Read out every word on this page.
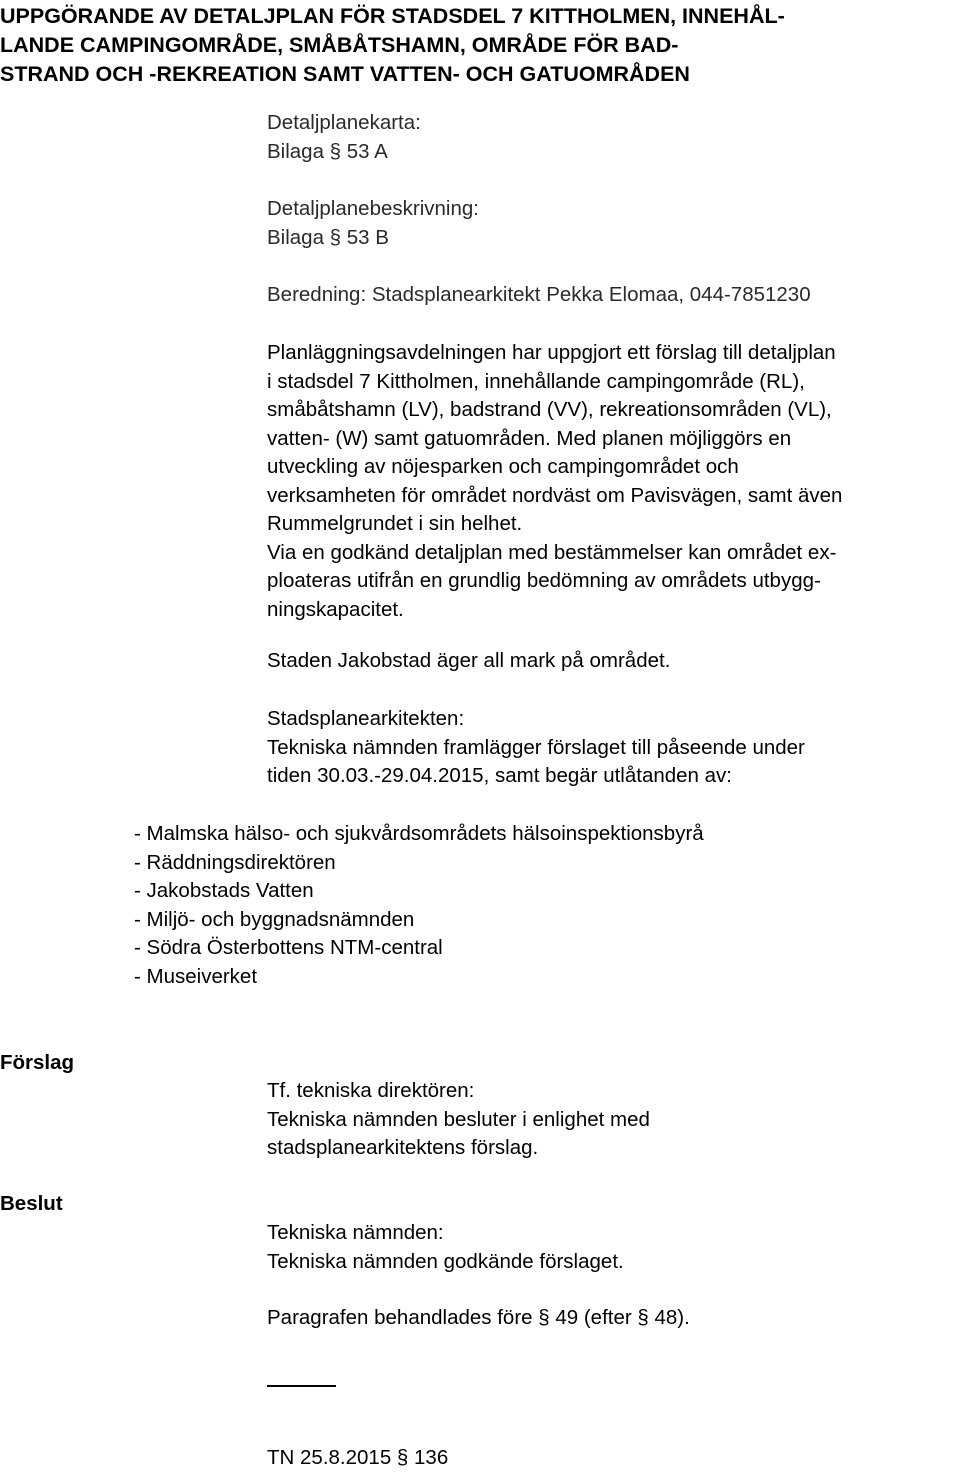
UPPGÖRANDE AV DETALJPLAN FÖR STADSDEL 7 KITTHOLMEN, INNEHÅL-
LANDE CAMPINGOMRÅDE, SMÅBÅTSHAMN, OMRÅDE FÖR BAD-
STRAND OCH -REKREATION SAMT VATTEN- OCH GATUOMRÅDEN
Detaljplanekarta:
Bilaga § 53 A
Detaljplanebeskrivning:
Bilaga § 53 B
Beredning: Stadsplanearkitekt Pekka Elomaa, 044-7851230
Planläggningsavdelningen har uppgjort ett förslag till detaljplan
i stadsdel 7 Kittholmen, innehållande campingområde (RL),
småbåtshamn (LV), badstrand (VV), rekreationsområden (VL),
vatten- (W) samt gatuområden. Med planen möjliggörs en
utveckling av nöjesparken och campingområdet och
verksamheten för området nordväst om Pavisvägen, samt även
Rummelgrundet i sin helhet.
Via en godkänd detaljplan med bestämmelser kan området ex-
ploateras utifrån en grundlig bedömning av områdets utbygg-
ningskapacitet.
Staden Jakobstad äger all mark på området.
Stadsplanearkitekten:
Tekniska nämnden framlägger förslaget till påseende under
tiden 30.03.-29.04.2015, samt begär utlåtanden av:
- Malmska hälso- och sjukvårdsområdets hälsoinspektionsbyrå
- Räddningsdirektören
- Jakobstads Vatten
- Miljö- och byggnadsnämnden
- Södra Österbottens NTM-central
- Museiverket
Förslag
Tf. tekniska direktören:
Tekniska nämnden besluter i enlighet med
stadsplanearkitektens förslag.
Beslut
Tekniska nämnden:
Tekniska nämnden godkände förslaget.
Paragrafen behandlades före § 49 (efter § 48).
TN 25.8.2015 § 136
